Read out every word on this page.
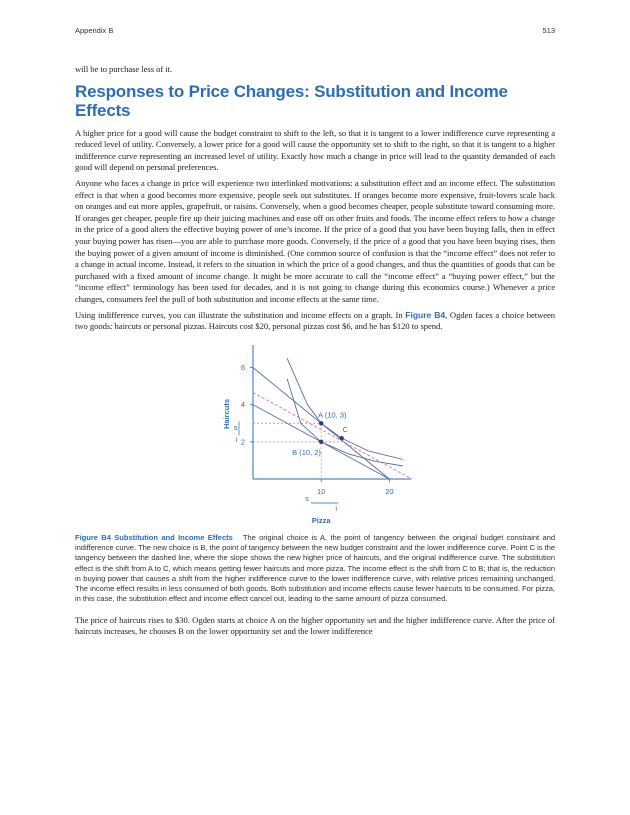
Appendix B	513

will be to purchase less of it.

Responses to Price Changes: Substitution and Income Effects

A higher price for a good will cause the budget constraint to shift to the left, so that it is tangent to a lower indifference curve representing a reduced level of utility. Conversely, a lower price for a good will cause the opportunity set to shift to the right, so that it is tangent to a higher indifference curve representing an increased level of utility. Exactly how much a change in price will lead to the quantity demanded of each good will depend on personal preferences.

Anyone who faces a change in price will experience two interlinked motivations: a substitution effect and an income effect. The substitution effect is that when a good becomes more expensive, people seek out substitutes. If oranges become more expensive, fruit-lovers scale back on oranges and eat more apples, grapefruit, or raisins. Conversely, when a good becomes cheaper, people substitute toward consuming more. If oranges get cheaper, people fire up their juicing machines and ease off on other fruits and foods. The income effect refers to how a change in the price of a good alters the effective buying power of one’s income. If the price of a good that you have been buying falls, then in effect your buying power has risen—you are able to purchase more goods. Conversely, if the price of a good that you have been buying rises, then the buying power of a given amount of income is diminished. (One common source of confusion is that the “income effect” does not refer to a change in actual income. Instead, it refers to the situation in which the price of a good changes, and thus the quantities of goods that can be purchased with a fixed amount of income change. It might be more accurate to call the “income effect” a “buying power effect,” but the “income effect” terminology has been used for decades, and it is not going to change during this economics course.) Whenever a price changes, consumers feel the pull of both substitution and income effects at the same time.

Using indifference curves, you can illustrate the substitution and income effects on a graph. In Figure B4, Ogden faces a choice between two goods: haircuts or personal pizzas. Haircuts cost $20, personal pizzas cost $6, and he has $120 to spend.

2
4
6
10	20
Haircuts
Pizza
A (10, 3)
B (10, 2)
C
s
i
s
i

Figure B4 Substitution and Income Effects The original choice is A, the point of tangency between the original budget constraint and indifference curve. The new choice is B, the point of tangency between the new budget constraint and the lower indifference curve. Point C is the tangency between the dashed line, where the slope shows the new higher price of haircuts, and the original indifference curve. The substitution effect is the shift from A to C, which means getting fewer haircuts and more pizza. The income effect is the shift from C to B; that is, the reduction in buying power that causes a shift from the higher indifference curve to the lower indifference curve, with relative prices remaining unchanged. The income effect results in less consumed of both goods. Both substitution and income effects cause fewer haircuts to be consumed. For pizza, in this case, the substitution effect and income effect cancel out, leading to the same amount of pizza consumed.

The price of haircuts rises to $30. Ogden starts at choice A on the higher opportunity set and the higher indifference curve. After the price of haircuts increases, he chooses B on the lower opportunity set and the lower indifference
